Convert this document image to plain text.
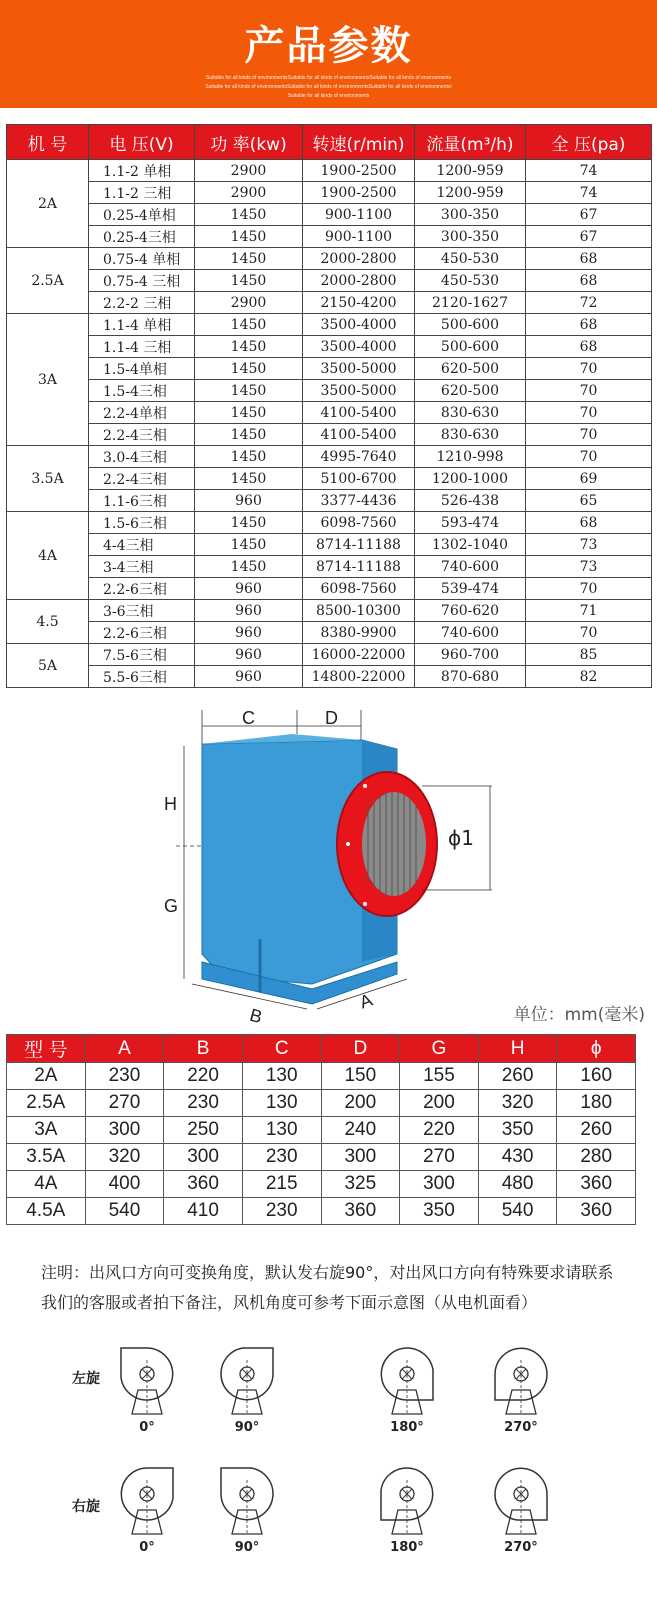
产品参数
Suitable for all kinds of environmentsSuitable for all kinds of environmentsSuitable for all kinds of environments
Suitable for all kinds of environmentsSuitable for all kinds of environmentsSuitable for all kinds of environments!
Suitable for all kinds of environments
机 号	电 压(V)	功 率(kw)	转速(r/min)	流量(m³/h)	全 压(pa)
2A	1.1-2 单相	2900	1900-2500	1200-959	74
	1.1-2 三相	2900	1900-2500	1200-959	74
	0.25-4单相	1450	900-1100	300-350	67
	0.25-4三相	1450	900-1100	300-350	67
2.5A	0.75-4 单相	1450	2000-2800	450-530	68
	0.75-4 三相	1450	2000-2800	450-530	68
	2.2-2 三相	2900	2150-4200	2120-1627	72
3A	1.1-4 单相	1450	3500-4000	500-600	68
	1.1-4 三相	1450	3500-4000	500-600	68
	1.5-4单相	1450	3500-5000	620-500	70
	1.5-4三相	1450	3500-5000	620-500	70
	2.2-4单相	1450	4100-5400	830-630	70
	2.2-4三相	1450	4100-5400	830-630	70
3.5A	3.0-4三相	1450	4995-7640	1210-998	70
	2.2-4三相	1450	5100-6700	1200-1000	69
	1.1-6三相	960	3377-4436	526-438	65
4A	1.5-6三相	1450	6098-7560	593-474	68
	4-4三相	1450	8714-11188	1302-1040	73
	3-4三相	1450	8714-11188	740-600	73
	2.2-6三相	960	6098-7560	539-474	70
4.5	3-6三相	960	8500-10300	760-620	71
	2.2-6三相	960	8380-9900	740-600	70
5A	7.5-6三相	960	16000-22000	960-700	85
	5.5-6三相	960	14800-22000	870-680	82
C	D
H
G
ϕ1
B
A
单位：mm(毫米)
型 号	A	B	C	D	G	H	ϕ
2A	230	220	130	150	155	260	160
2.5A	270	230	130	200	200	320	180
3A	300	250	130	240	220	350	260
3.5A	320	300	230	300	270	430	280
4A	400	360	215	325	300	480	360
4.5A	540	410	230	360	350	540	360
注明：出风口方向可变换角度，默认发右旋90°，对出风口方向有特殊要求请联系
我们的客服或者拍下备注，风机角度可参考下面示意图（从电机面看）
左旋
右旋
0°	90°	180°	270°
0°	90°	180°	270°
